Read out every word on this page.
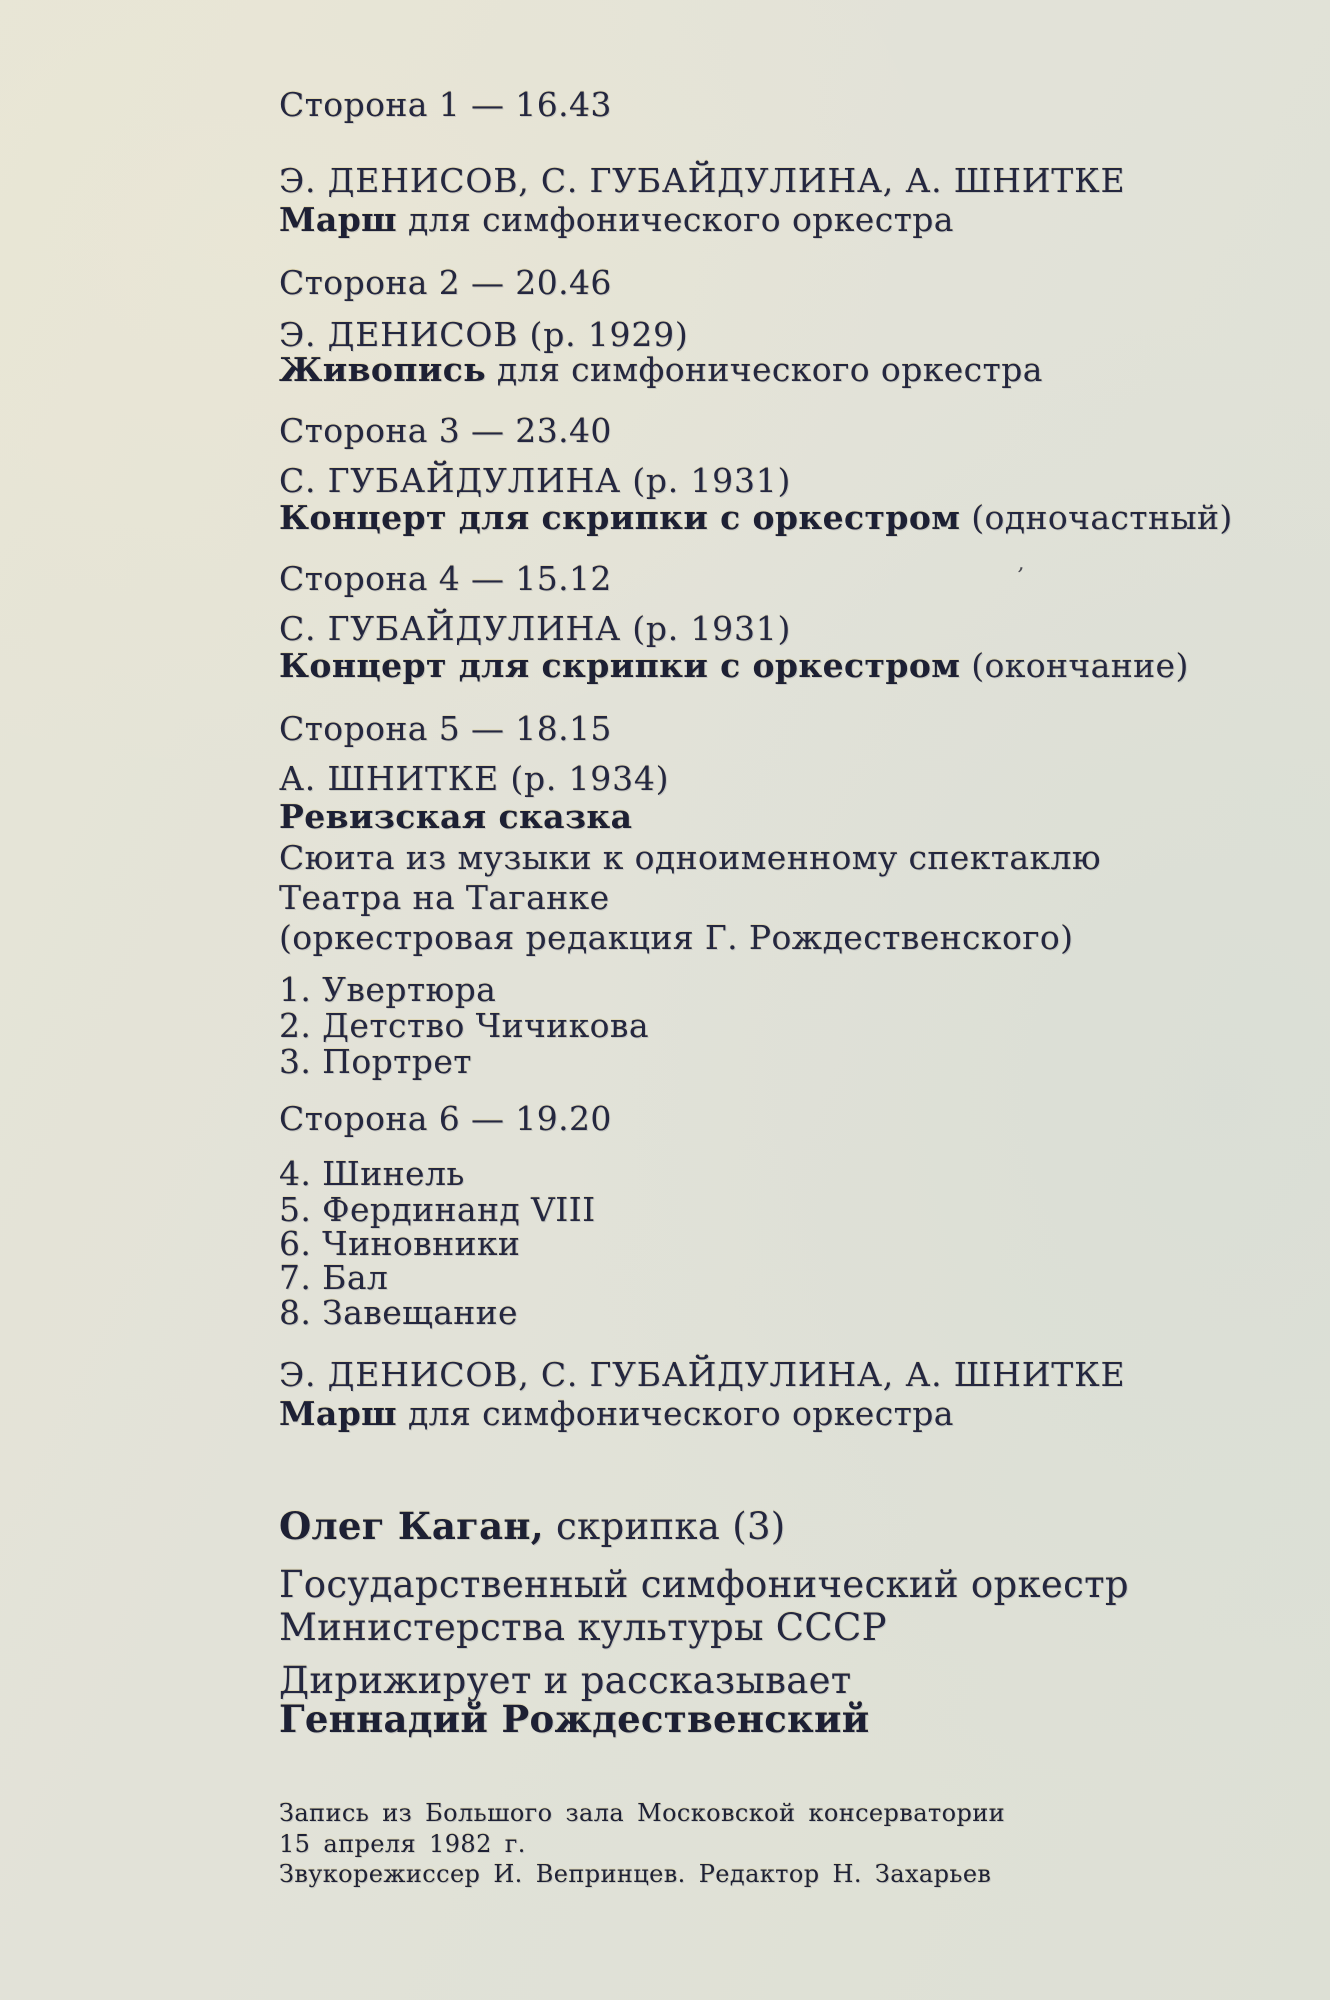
Сторона 1 — 16.43
Э. ДЕНИСОВ, С. ГУБАЙДУЛИНА, А. ШНИТКЕ
Марш для симфонического оркестра
Сторона 2 — 20.46
Э. ДЕНИСОВ (р. 1929)
Живопись для симфонического оркестра
Сторона 3 — 23.40
С. ГУБАЙДУЛИНА (р. 1931)
Концерт для скрипки с оркестром (одночастный)
Сторона 4 — 15.12
С. ГУБАЙДУЛИНА (р. 1931)
Концерт для скрипки с оркестром (окончание)
Сторона 5 — 18.15
А. ШНИТКЕ (р. 1934)
Ревизская сказка
Сюита из музыки к одноименному спектаклю
Театра на Таганке
(оркестровая редакция Г. Рождественского)
1. Увертюра
2. Детство Чичикова
3. Портрет
Сторона 6 — 19.20
4. Шинель
5. Фердинанд VIII
6. Чиновники
7. Бал
8. Завещание
Э. ДЕНИСОВ, С. ГУБАЙДУЛИНА, А. ШНИТКЕ
Марш для симфонического оркестра
Олег Каган, скрипка (3)
Государственный симфонический оркестр
Министерства культуры СССР
Дирижирует и рассказывает
Геннадий Рождественский
Запись из Большого зала Московской консерватории
15 апреля 1982 г.
Звукорежиссер И. Вепринцев. Редактор Н. Захарьев
’
